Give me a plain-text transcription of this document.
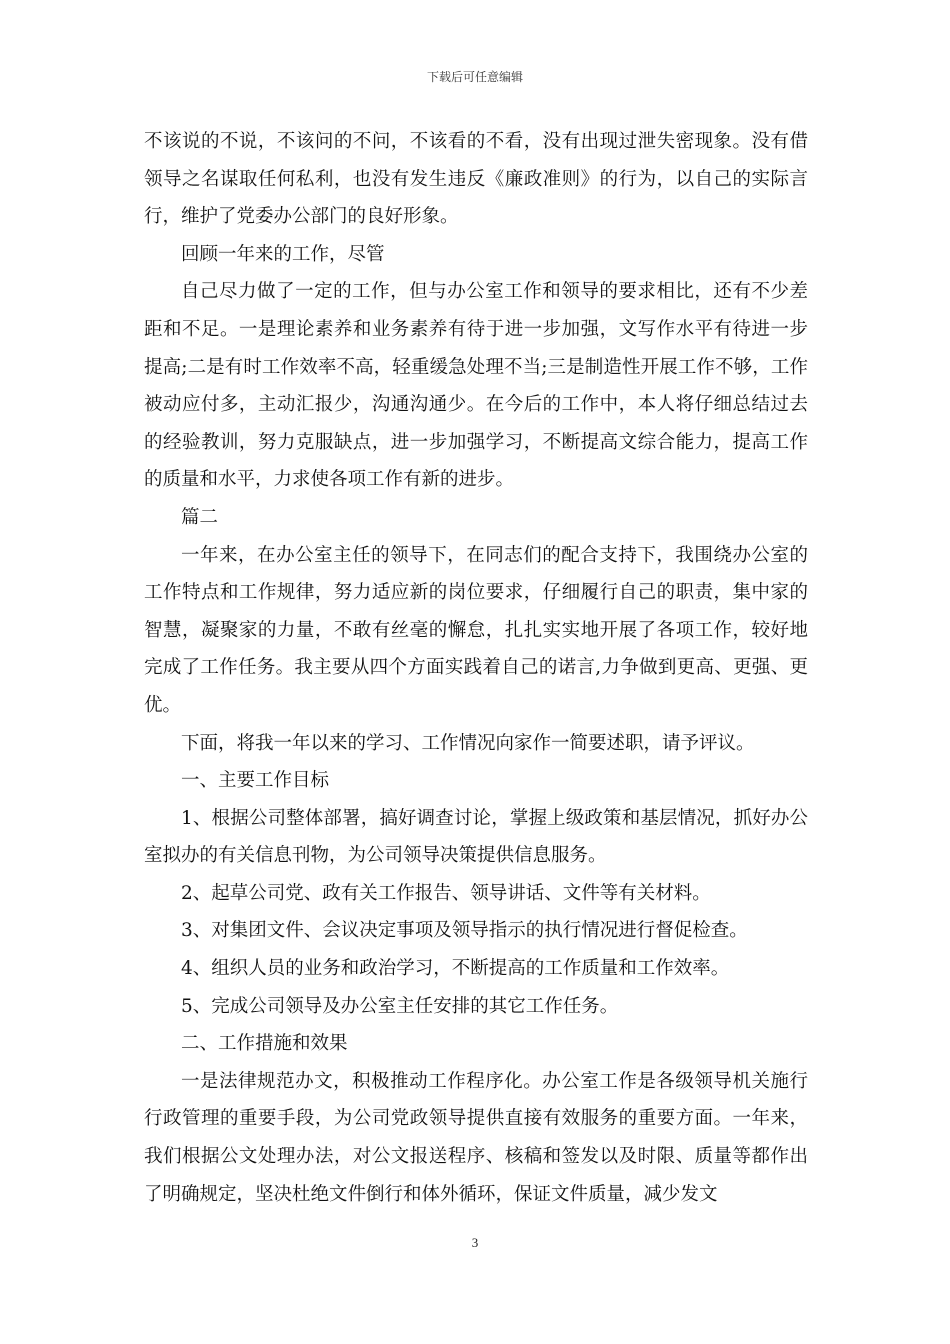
下载后可任意编辑

不该说的不说，不该问的不问，不该看的不看，没有出现过泄失密现象。没有借领导之名谋取任何私利，也没有发生违反《廉政准则》的行为，以自己的实际言行，维护了党委办公部门的良好形象。

回顾一年来的工作，尽管

自己尽力做了一定的工作，但与办公室工作和领导的要求相比，还有不少差距和不足。一是理论素养和业务素养有待于进一步加强，文写作水平有待进一步提高;二是有时工作效率不高，轻重缓急处理不当;三是制造性开展工作不够，工作被动应付多，主动汇报少，沟通沟通少。在今后的工作中，本人将仔细总结过去的经验教训，努力克服缺点，进一步加强学习，不断提高文综合能力，提高工作的质量和水平，力求使各项工作有新的进步。

篇二

一年来，在办公室主任的领导下，在同志们的配合支持下，我围绕办公室的工作特点和工作规律，努力适应新的岗位要求，仔细履行自己的职责，集中家的智慧，凝聚家的力量，不敢有丝毫的懈怠，扎扎实实地开展了各项工作，较好地完成了工作任务。我主要从四个方面实践着自己的诺言,力争做到更高、更强、更优。

下面，将我一年以来的学习、工作情况向家作一简要述职，请予评议。

一、主要工作目标

1、根据公司整体部署，搞好调查讨论，掌握上级政策和基层情况，抓好办公室拟办的有关信息刊物，为公司领导决策提供信息服务。

2、起草公司党、政有关工作报告、领导讲话、文件等有关材料。

3、对集团文件、会议决定事项及领导指示的执行情况进行督促检查。

4、组织人员的业务和政治学习，不断提高的工作质量和工作效率。

5、完成公司领导及办公室主任安排的其它工作任务。

二、工作措施和效果

一是法律规范办文，积极推动工作程序化。办公室工作是各级领导机关施行行政管理的重要手段，为公司党政领导提供直接有效服务的重要方面。一年来，我们根据公文处理办法，对公文报送程序、核稿和签发以及时限、质量等都作出了明确规定，坚决杜绝文件倒行和体外循环，保证文件质量，减少发文

3
